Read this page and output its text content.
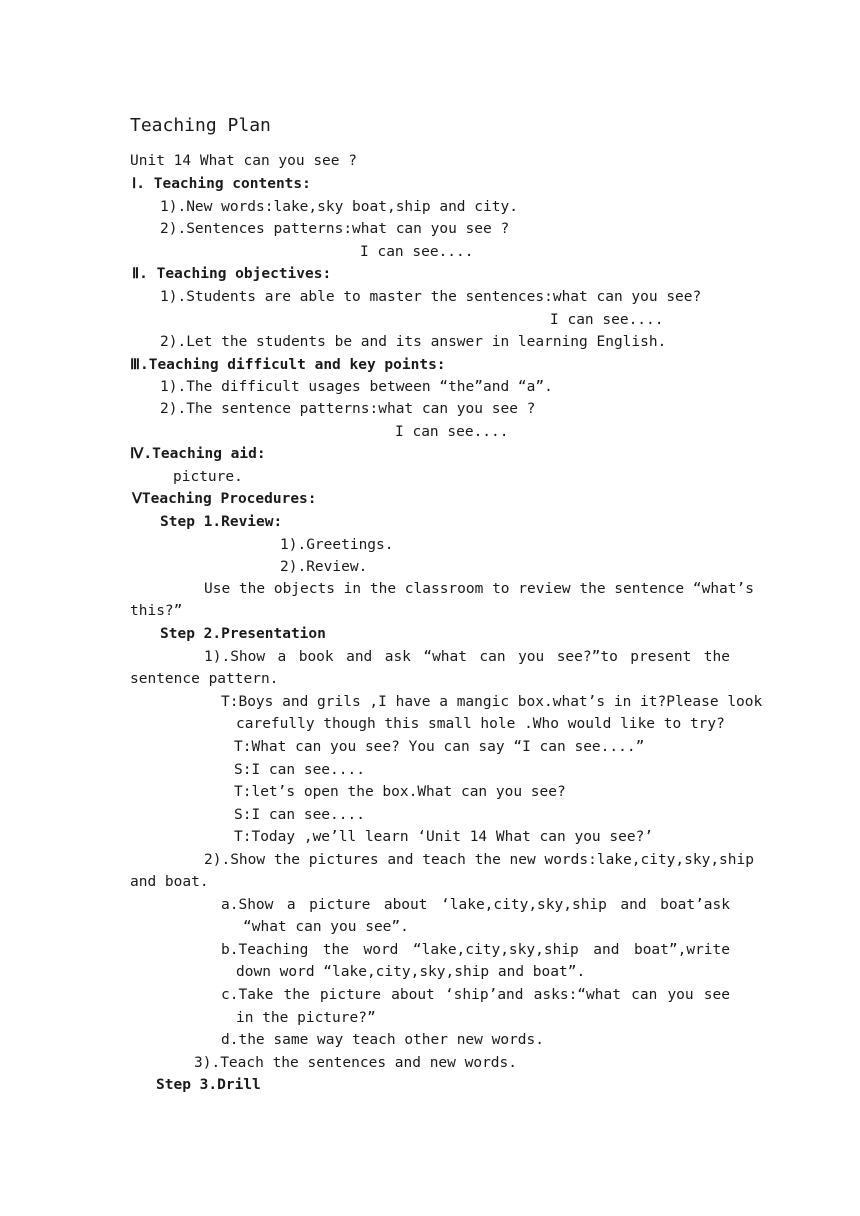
Teaching Plan
Unit 14 What can you see ?
Ⅰ. Teaching contents:
1).New words:lake,sky boat,ship and city.
2).Sentences patterns:what can you see ?
I can see....
Ⅱ. Teaching objectives:
1).Students are able to master the sentences:what can you see?
I can see....
2).Let the students be and its answer in learning English.
Ⅲ.Teaching difficult and key points:
1).The difficult usages between “the”and “a”.
2).The sentence patterns:what can you see ?
I can see....
Ⅳ.Teaching aid:
picture.
ⅤTeaching Procedures:
Step 1.Review:
1).Greetings.
2).Review.
Use the objects in the classroom to review the sentence “what’s
this?”
Step 2.Presentation
1).Show a book and ask “what can you see?”to present the
sentence pattern.
T:Boys and grils ,I have a mangic box.what’s in it?Please look
carefully though this small hole .Who would like to try?
T:What can you see? You can say “I can see....”
S:I can see....
T:let’s open the box.What can you see?
S:I can see....
T:Today ,we’ll learn ‘Unit 14 What can you see?’
2).Show the pictures and teach the new words:lake,city,sky,ship
and boat.
a.Show a picture about ‘lake,city,sky,ship and boat’ask
“what can you see”.
b.Teaching the word “lake,city,sky,ship and boat”,write
down word “lake,city,sky,ship and boat”.
c.Take the picture about ‘ship’and asks:“what can you see
in the picture?”
d.the same way teach other new words.
3).Teach the sentences and new words.
Step 3.Drill
